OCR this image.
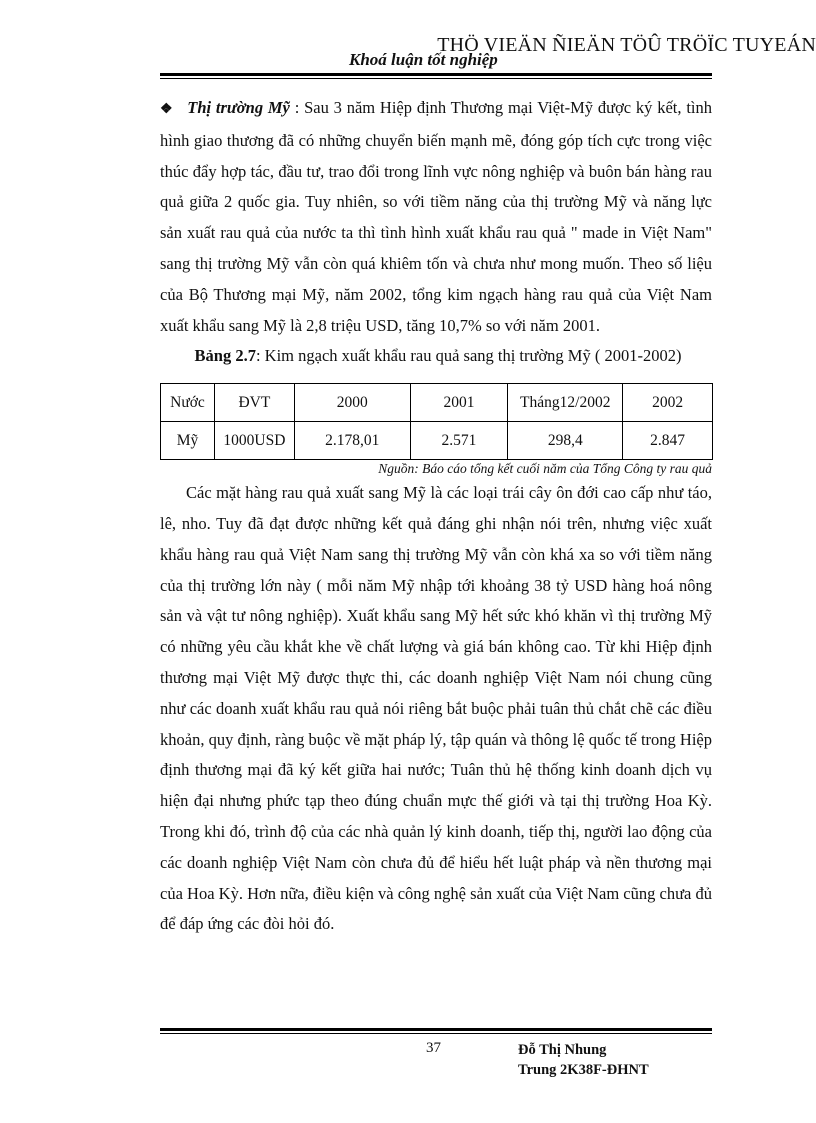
THÖ VIEÄN ÑIEÄN TÖÛ TRÖÏC TUYEÁN
Khoá luận tốt nghiệp

❖ Thị trường Mỹ : Sau 3 năm Hiệp định Thương mại Việt-Mỹ được ký kết, tình hình giao thương đã có những chuyển biến mạnh mẽ, đóng góp tích cực trong việc thúc đẩy hợp tác, đầu tư, trao đổi trong lĩnh vực nông nghiệp và buôn bán hàng rau quả giữa 2 quốc gia. Tuy nhiên, so với tiềm năng của thị trường Mỹ và năng lực sản xuất rau quả của nước ta thì tình hình xuất khẩu rau quả " made in Việt Nam" sang thị trường Mỹ vẫn còn quá khiêm tốn và chưa như mong muốn. Theo số liệu của Bộ Thương mại Mỹ, năm 2002, tổng kim ngạch hàng rau quả của Việt Nam xuất khẩu sang Mỹ là 2,8 triệu USD, tăng 10,7% so với năm 2001.

Bảng 2.7: Kim ngạch xuất khẩu rau quả sang thị trường Mỹ ( 2001-2002)

Nước	ĐVT	2000	2001	Tháng12/2002	2002
Mỹ	1000USD	2.178,01	2.571	298,4	2.847

Nguồn: Báo cáo tổng kết cuối năm của Tổng Công ty rau quả

Các mặt hàng rau quả xuất sang Mỹ là các loại trái cây ôn đới cao cấp như táo, lê, nho. Tuy đã đạt được những kết quả đáng ghi nhận nói trên, nhưng việc xuất khẩu hàng rau quả Việt Nam sang thị trường Mỹ vẫn còn khá xa so với tiềm năng của thị trường lớn này ( mỗi năm Mỹ nhập tới khoảng 38 tỷ USD hàng hoá nông sản và vật tư nông nghiệp). Xuất khẩu sang Mỹ hết sức khó khăn vì thị trường Mỹ có những yêu cầu khắt khe về chất lượng và giá bán không cao. Từ khi Hiệp định thương mại Việt Mỹ được thực thi, các doanh nghiệp Việt Nam nói chung cũng như các doanh xuất khẩu rau quả nói riêng bắt buộc phải tuân thủ chắt chẽ các điều khoản, quy định, ràng buộc về mặt pháp lý, tập quán và thông lệ quốc tế trong Hiệp định thương mại đã ký kết giữa hai nước; Tuân thủ hệ thống kinh doanh dịch vụ hiện đại nhưng phức tạp theo đúng chuẩn mực thế giới và tại thị trường Hoa Kỳ. Trong khi đó, trình độ của các nhà quản lý kinh doanh, tiếp thị, người lao động của các doanh nghiệp Việt Nam còn chưa đủ để hiểu hết luật pháp và nền thương mại của Hoa Kỳ. Hơn nữa, điều kiện và công nghệ sản xuất của Việt Nam cũng chưa đủ để đáp ứng các đòi hỏi đó.

37	Đỗ Thị Nhung
Trung 2K38F-ĐHNT
